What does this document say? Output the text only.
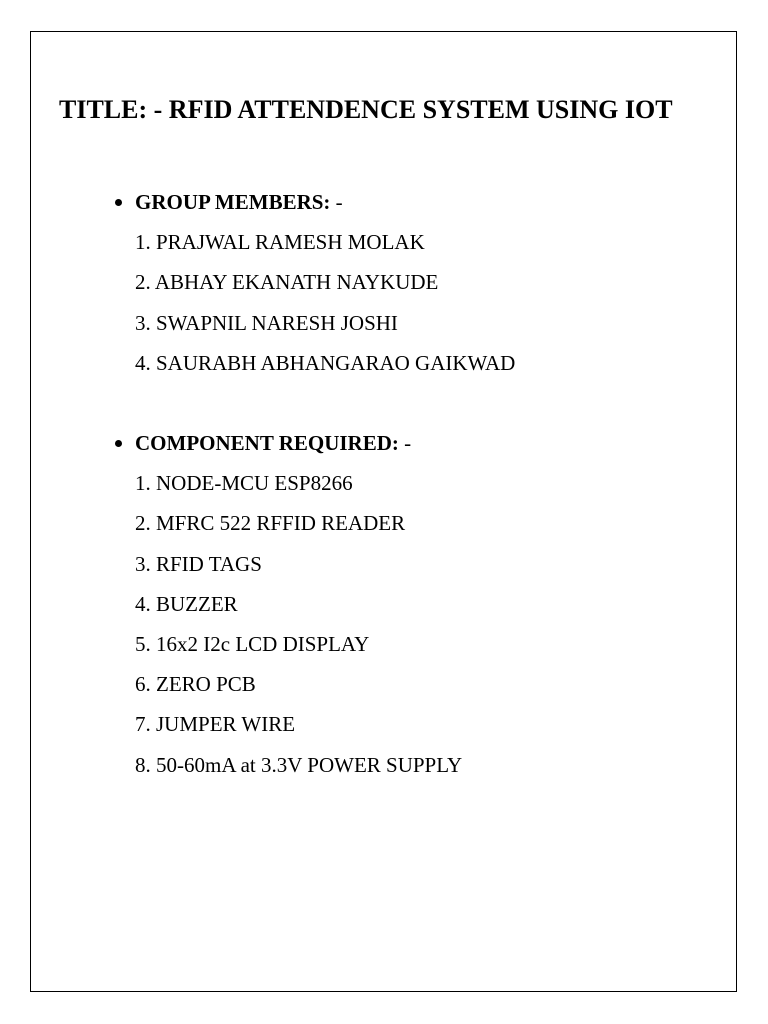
TITLE: - RFID ATTENDENCE SYSTEM USING IOT
GROUP MEMBERS: -
1. PRAJWAL RAMESH MOLAK
2. ABHAY EKANATH NAYKUDE
3. SWAPNIL NARESH JOSHI
4. SAURABH ABHANGARAO GAIKWAD
COMPONENT REQUIRED: -
1. NODE-MCU ESP8266
2. MFRC 522 RFFID READER
3. RFID TAGS
4. BUZZER
5. 16x2 I2c LCD DISPLAY
6. ZERO PCB
7. JUMPER WIRE
8. 50-60mA at 3.3V POWER SUPPLY
